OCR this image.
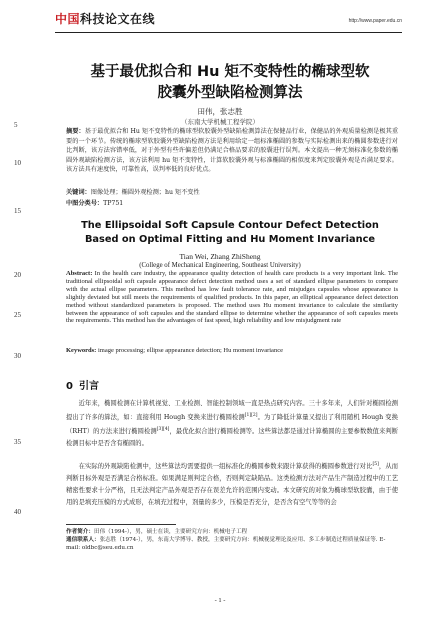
中国科技论文在线	http://www.paper.edu.cn
5
10
15
20
25
30
35
40
基于最优拟合和 Hu 矩不变特性的椭球型软
胶囊外型缺陷检测算法
田伟，张志胜
（东南大学机械工程学院）
摘要：基于最优拟合和 Hu 矩不变特性的椭球型软胶囊外型缺陷检测算法在保健品行业，保健品的外观质量检测是极其重要的一个环节。传统的椭球型软胶囊外型缺陷检测方法是利用给定一组标准椭圆的参数与实际检测出来的椭圆参数进行对比判断，该方法容错率低，对于外型有些许偏差但仍满足合格品要求的胶囊进行误判。本文提出一种无须标准化参数的椭圆外观缺陷检测方法，该方法利用 hu 矩不变特性，计算软胶囊外观与标准椭圆的相似度来判定胶囊外观是否满足要求。该方法具有速度快，可靠性高，误判率低的良好优点。
关键词：图像处理；椭圆外观检测；hu 矩不变性
中图分类号：TP751
The Ellipsoidal Soft Capsule Contour Defect Detection
Based on Optimal Fitting and Hu Moment Invariance
Tian Wei, Zhang ZhiSheng
(College of Mechanical Engineering, Southeast University)
Abstract: In the health care industry, the appearance quality detection of health care products is a very important link. The traditional ellipsoidal soft capsule appearance defect detection method uses a set of standard ellipse parameters to compare with the actual ellipse parameters. This method has low fault tolerance rate, and misjudges capsules whose appearance is slightly deviated but still meets the requirements of qualified products. In this paper, an elliptical appearance defect detection method without standardized parameters is proposed. The method uses Hu moment invariance to calculate the similarity between the appearance of soft capsules and the standard ellipse to determine whether the appearance of soft capsules meets the requirements. This method has the advantages of fast speed, high reliability and low misjudgment rate
Keywords: image processing; ellipse appearance detection; Hu moment invariance
0 引言
近年来，椭圆检测在计算机视觉、工业检测、智能控制领域一直是热点研究内容。三十多年来，人们针对椭圆检测提出了许多的算法，如：直接利用 Hough 变换来进行椭圆检测[1][2]。为了降低计算量又提出了利用随机 Hough 变换（RHT）的方法来进行椭圆检测[3][4]，最优化拟合进行椭圆检测等。这些算法都是通过计算椭圆的主要参数数值来判断检测目标中是否含有椭圆的。
在实际的外观缺陷检测中，这些算法均需要提供一组标准化的椭圆参数来跟计算获得的椭圆参数进行对比[5]，从而判断目标外观是否满足合格标准。如果满足则判定合格，否则判定缺陷品。这类检测方法对产品生产制造过程中的工艺精密性要求十分严格，且无法判定产品外观是否存在误差允许的范围内变动。本文研究的对象为椭球型软胶囊，由于使用的是填充压模的方式成形，在填充过程中，剂量的多少，压模是否充分，是否含有空气等等的会
作者简介：田伟（1994-），男，硕士在读，主要研究方向：机械电子工程
通信联系人：张志胜（1974-），男，东南大学博导、教授，主要研究方向：机械视觉理论及应用、多工步制造过程质量保证等. E-mail: oldbc@seu.edu.cn
- 1 -
